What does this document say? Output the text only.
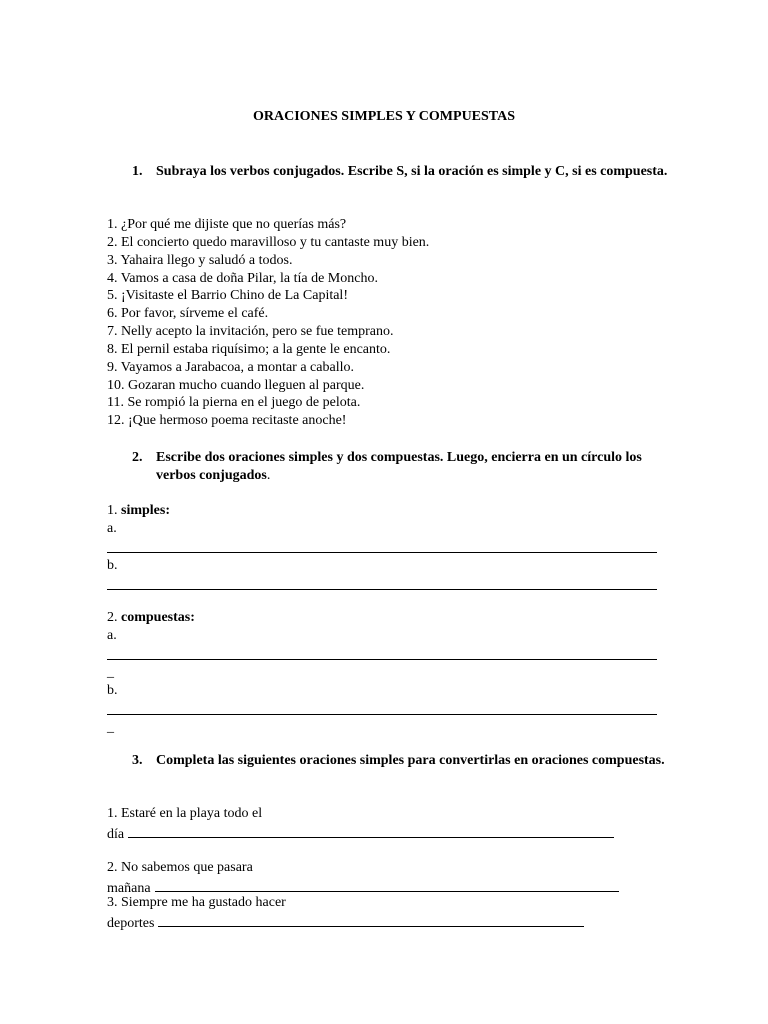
ORACIONES SIMPLES Y COMPUESTAS
1. Subraya los verbos conjugados. Escribe S, si la oración es simple y C, si es compuesta.
1. ¿Por qué me dijiste que no querías más?
2. El concierto quedo maravilloso y tu cantaste muy bien.
3. Yahaira llego y saludó a todos.
4. Vamos a casa de doña Pilar, la tía de Moncho.
5. ¡Visitaste el Barrio Chino de La Capital!
6. Por favor, sírveme el café.
7. Nelly acepto la invitación, pero se fue temprano.
8. El pernil estaba riquísimo; a la gente le encanto.
9. Vayamos a Jarabacoa, a montar a caballo.
10. Gozaran mucho cuando lleguen al parque.
11. Se rompió la pierna en el juego de pelota.
12. ¡Que hermoso poema recitaste anoche!
2. Escribe dos oraciones simples y dos compuestas. Luego, encierra en un círculo los verbos conjugados.
1. simples:
a.
b.
2. compuestas:
a.
_
b.
_
3. Completa las siguientes oraciones simples para convertirlas en oraciones compuestas.
1. Estaré en la playa todo el
día
2. No sabemos que pasara
mañana
3. Siempre me ha gustado hacer
deportes
